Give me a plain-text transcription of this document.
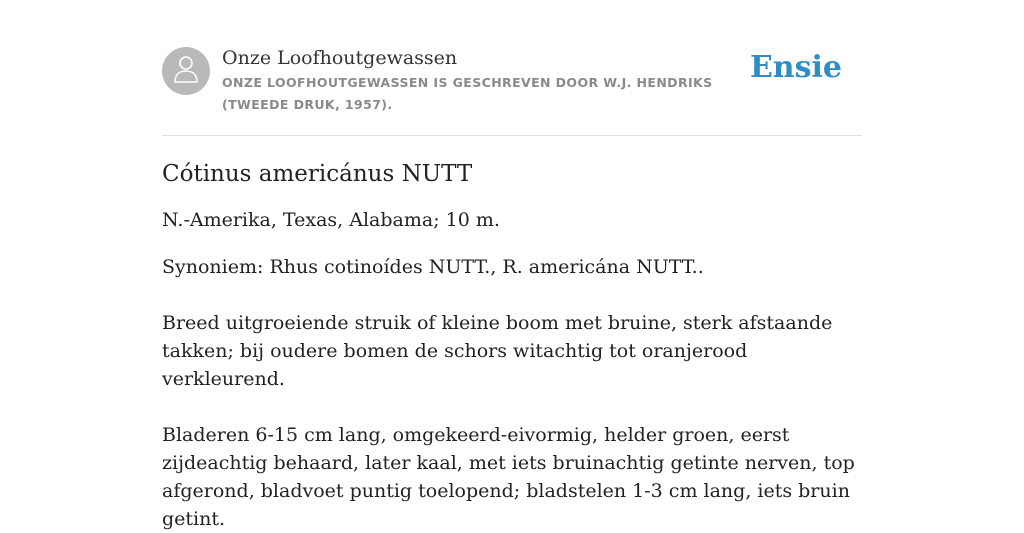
Onze Loofhoutgewassen
ONZE LOOFHOUTGEWASSEN IS GESCHREVEN DOOR W.J. HENDRIKS (TWEEDE DRUK, 1957).
Ensie
Cótinus americánus NUTT

N.-Amerika, Texas, Alabama; 10 m.

Synoniem: Rhus cotinoídes NUTT., R. americána NUTT..

Breed uitgroeiende struik of kleine boom met bruine, sterk afstaande takken; bij oudere bomen de schors witachtig tot oranjerood verkleurend.

Bladeren 6-15 cm lang, omgekeerd-eivormig, helder groen, eerst zijdeachtig behaard, later kaal, met iets bruinachtig getinte nerven, top afgerond, bladvoet puntig toelopend; bladstelen 1-3 cm lang, iets bruin getint.
